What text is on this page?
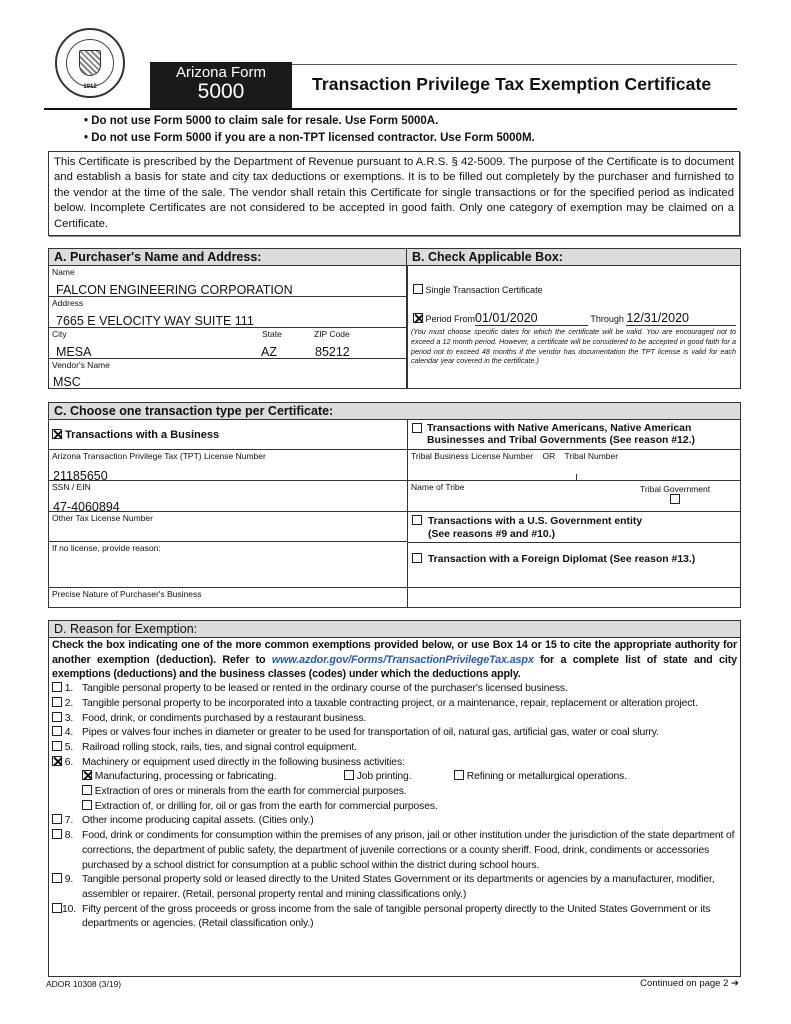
1912
Arizona Form
5000	Transaction Privilege Tax Exemption Certificate
• Do not use Form 5000 to claim sale for resale. Use Form 5000A.
• Do not use Form 5000 if you are a non-TPT licensed contractor. Use Form 5000M.
This Certificate is prescribed by the Department of Revenue pursuant to A.R.S. § 42-5009. The purpose of the Certificate is to document and establish a basis for state and city tax deductions or exemptions. It is to be filled out completely by the purchaser and furnished to the vendor at the time of the sale. The vendor shall retain this Certificate for single transactions or for the specified period as indicated below. Incomplete Certificates are not considered to be accepted in good faith. Only one category of exemption may be claimed on a Certificate.
A. Purchaser's Name and Address:
Name
FALCON ENGINEERING CORPORATION
Address
7665 E VELOCITY WAY SUITE 111
City
MESA
State
AZ
ZIP Code
85212
Vendor's Name
MSC
B. Check Applicable Box:
Single Transaction Certificate
Period From01/01/2020	Through 12/31/2020
(You must choose specific dates for which the certificate will be valid. You are encouraged not to exceed a 12 month period. However, a certificate will be considered to be accepted in good faith for a period not to exceed 48 months if the vendor has documentation the TPT license is valid for each calendar year covered in the certificate.)
C. Choose one transaction type per Certificate:
Transactions with a Business
Arizona Transaction Privilege Tax (TPT) License Number
21185650
SSN / EIN
47-4060894
Other Tax License Number
If no license, provide reason:
Transactions with Native Americans, Native American Businesses and Tribal Governments (See reason #12.)
Tribal Business License Number OR Tribal Number
Name of Tribe	Tribal Government
Transactions with a U.S. Government entity
(See reasons #9 and #10.)
Transaction with a Foreign Diplomat (See reason #13.)
Precise Nature of Purchaser's Business
D. Reason for Exemption:
Check the box indicating one of the more common exemptions provided below, or use Box 14 or 15 to cite the appropriate authority for another exemption (deduction). Refer to www.azdor.gov/Forms/TransactionPrivilegeTax.aspx for a complete list of state and city exemptions (deductions) and the business classes (codes) under which the deductions apply.
1. Tangible personal property to be leased or rented in the ordinary course of the purchaser's licensed business.
2. Tangible personal property to be incorporated into a taxable contracting project, or a maintenance, repair, replacement or alteration project.
3. Food, drink, or condiments purchased by a restaurant business.
4. Pipes or valves four inches in diameter or greater to be used for transportation of oil, natural gas, artificial gas, water or coal slurry.
5. Railroad rolling stock, rails, ties, and signal control equipment.
6. Machinery or equipment used directly in the following business activities:
Manufacturing, processing or fabricating.	Job printing.	Refining or metallurgical operations.
Extraction of ores or minerals from the earth for commercial purposes.
Extraction of, or drilling for, oil or gas from the earth for commercial purposes.
7. Other income producing capital assets. (Cities only.)
8. Food, drink or condiments for consumption within the premises of any prison, jail or other institution under the jurisdiction of the state department of corrections, the department of public safety, the department of juvenile corrections or a county sheriff. Food, drink, condiments or accessories purchased by a school district for consumption at a public school within the district during school hours.
9. Tangible personal property sold or leased directly to the United States Government or its departments or agencies by a manufacturer, modifier, assembler or repairer. (Retail, personal property rental and mining classifications only.)
10. Fifty percent of the gross proceeds or gross income from the sale of tangible personal property directly to the United States Government or its departments or agencies. (Retail classification only.)
ADOR 10308 (3/19)	Continued on page 2 ➔
